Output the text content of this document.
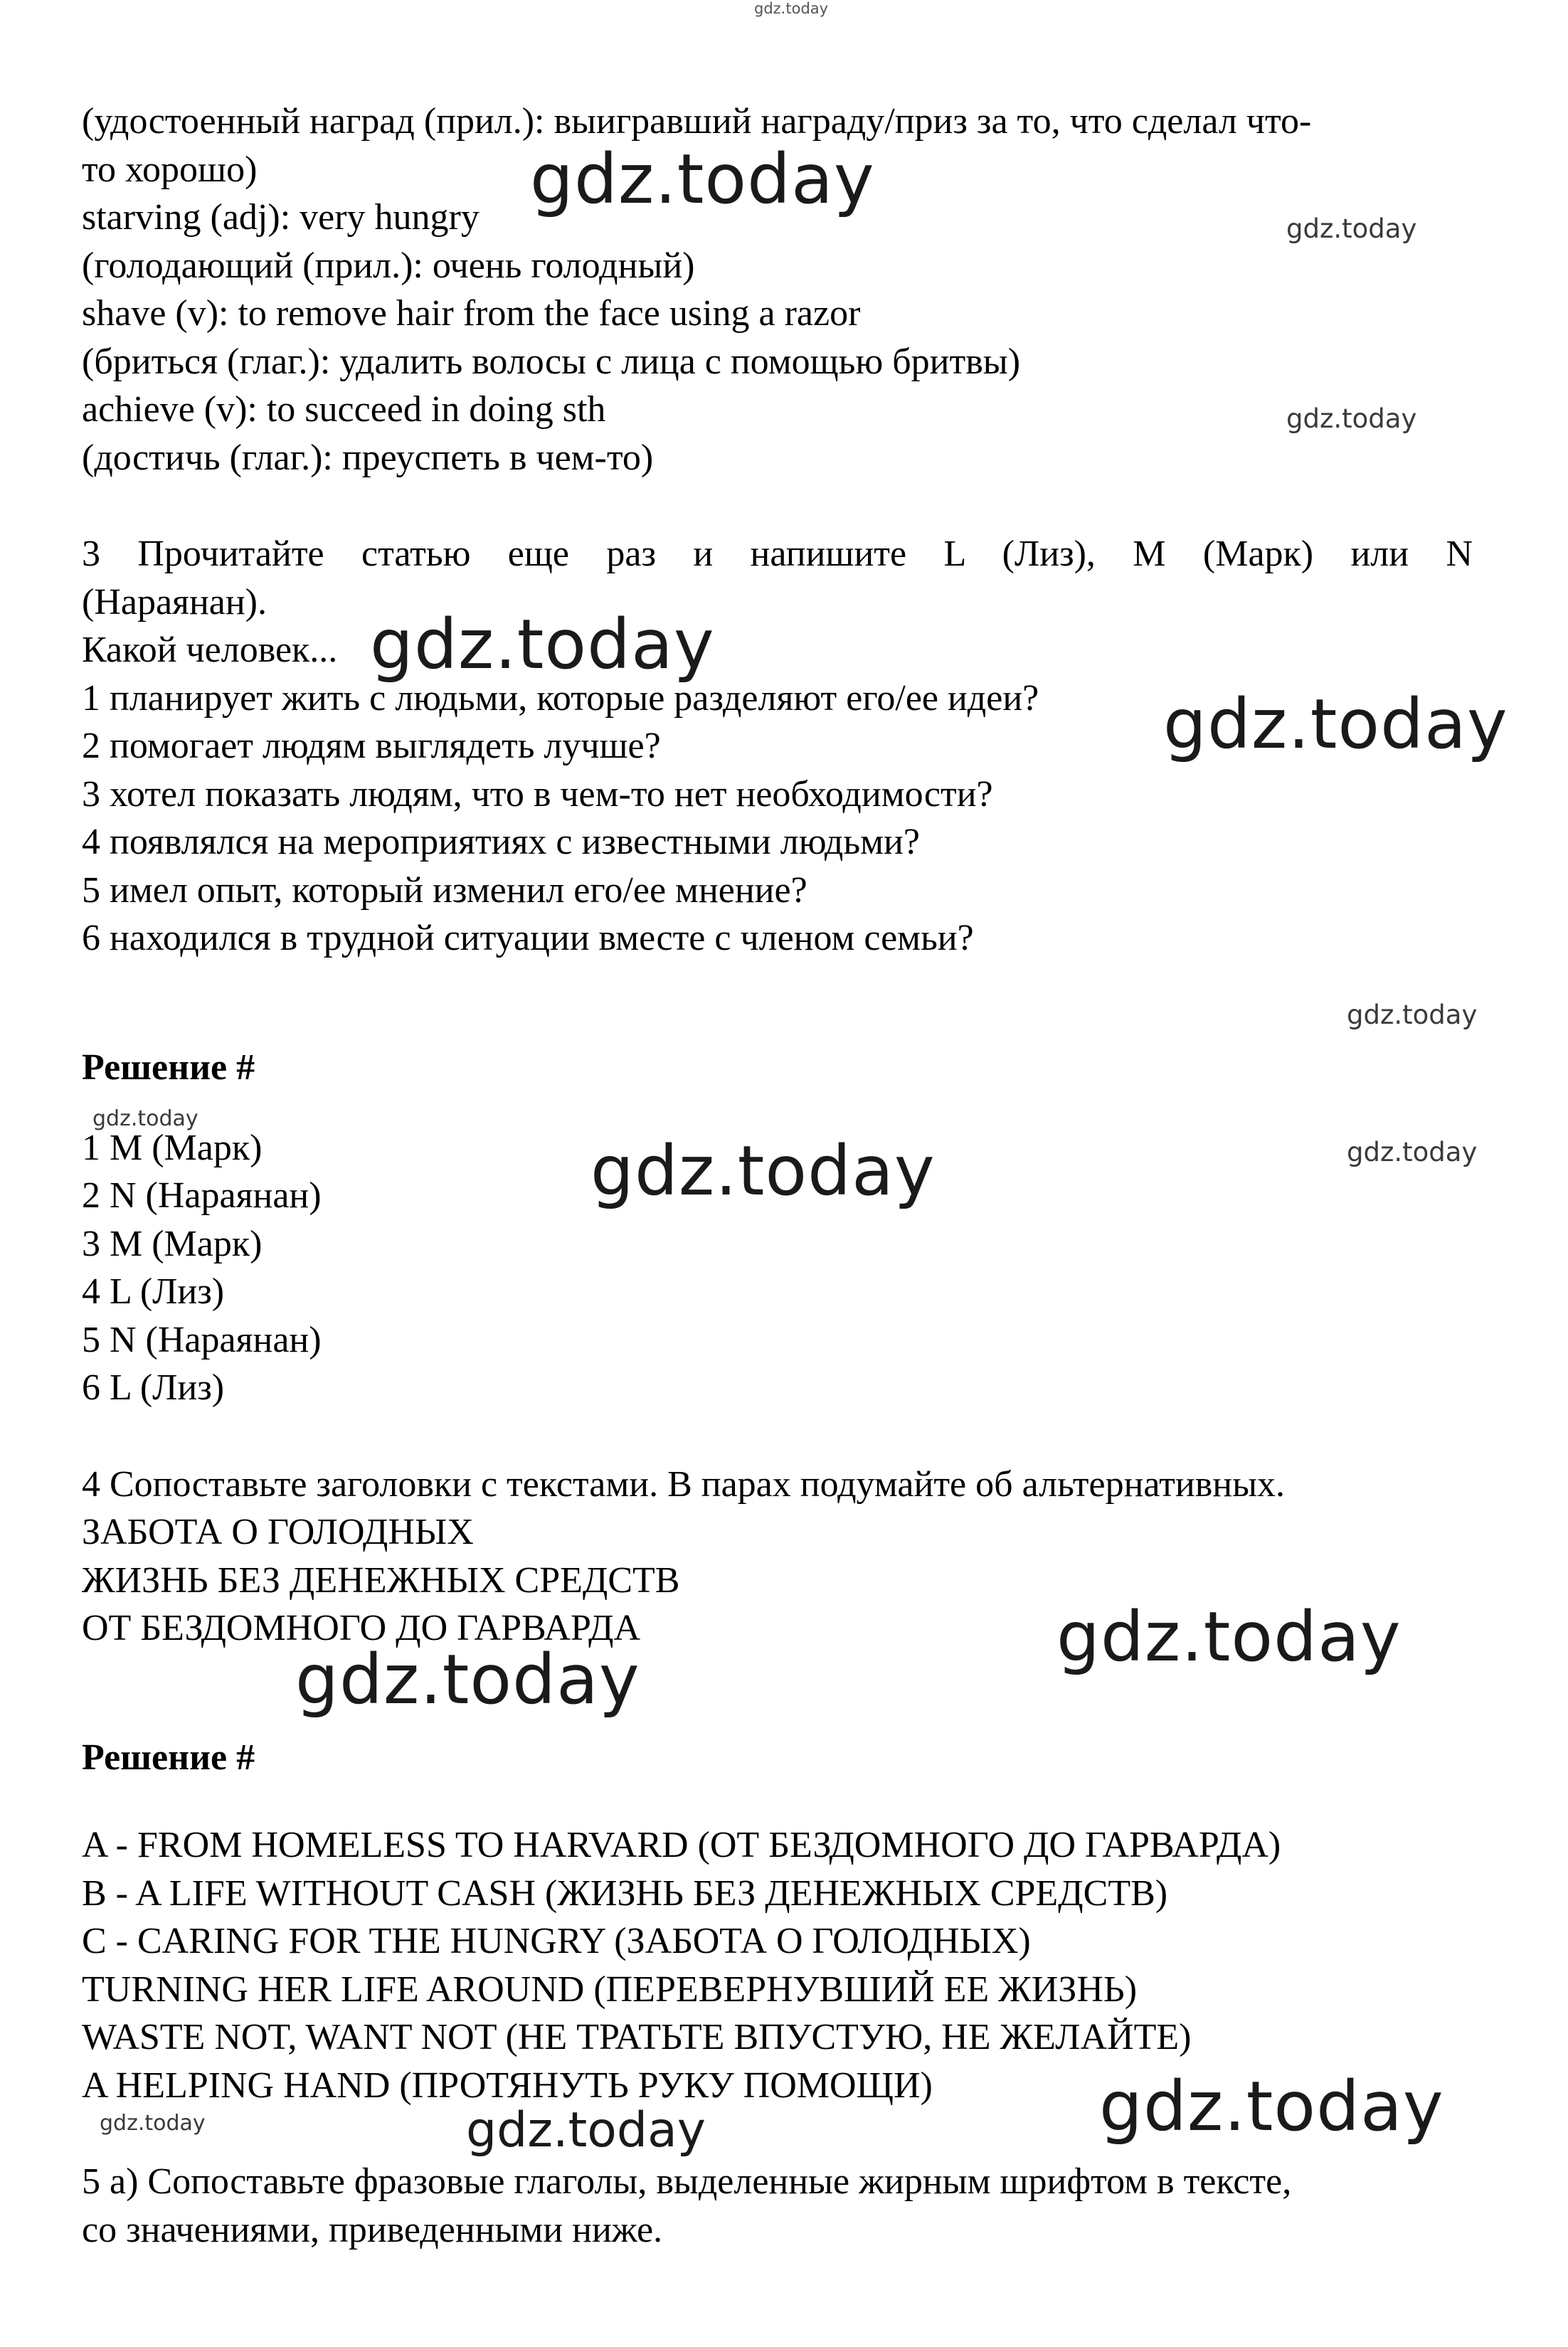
(удостоенный наград (прил.): выигравший награду/приз за то, что сделал что-

то хорошо)

starving (adj): very hungry

(голодающий (прил.): очень голодный)

shave (v): to remove hair from the face using a razor

(бриться (глаг.): удалить волосы с лица с помощью бритвы)

achieve (v): to succeed in doing sth

(достичь (глаг.): преуспеть в чем-то)

3 Прочитайте статью еще раз и напишите L (Лиз), M (Марк) или N

(Нараянан).

Какой человек...

1 планирует жить с людьми, которые разделяют его/ее идеи?

2 помогает людям выглядеть лучше?

3 хотел показать людям, что в чем-то нет необходимости?

4 появлялся на мероприятиях с известными людьми?

5 имел опыт, который изменил его/ее мнение?

6 находился в трудной ситуации вместе с членом семьи?

Решение #

1 M (Марк)

2 N (Нараянан)

3 M (Марк)

4 L (Лиз)

5 N (Нараянан)

6 L (Лиз)

4 Сопоставьте заголовки с текстами. В парах подумайте об альтернативных.

ЗАБОТА О ГОЛОДНЫХ

ЖИЗНЬ БЕЗ ДЕНЕЖНЫХ СРЕДСТВ

ОТ БЕЗДОМНОГО ДО ГАРВАРДА

Решение #

A - FROM HOMELESS TO HARVARD (ОТ БЕЗДОМНОГО ДО ГАРВАРДА)

B - A LIFE WITHOUT CASH (ЖИЗНЬ БЕЗ ДЕНЕЖНЫХ СРЕДСТВ)

C - CARING FOR THE HUNGRY (ЗАБОТА О ГОЛОДНЫХ)

TURNING HER LIFE AROUND (ПЕРЕВЕРНУВШИЙ ЕЕ ЖИЗНЬ)

WASTE NOT, WANT NOT (НЕ ТРАТЬТЕ ВПУСТУЮ, НЕ ЖЕЛАЙТЕ)

A HELPING HAND (ПРОТЯНУТЬ РУКУ ПОМОЩИ)

5 a) Сопоставьте фразовые глаголы, выделенные жирным шрифтом в тексте,

со значениями, приведенными ниже.

gdz.today
gdz.today
gdz.today
gdz.today
gdz.today
gdz.today
gdz.today
gdz.today
gdz.today	gdz.today
gdz.today
gdz.today
gdz.today
gdz.today	gdz.today
